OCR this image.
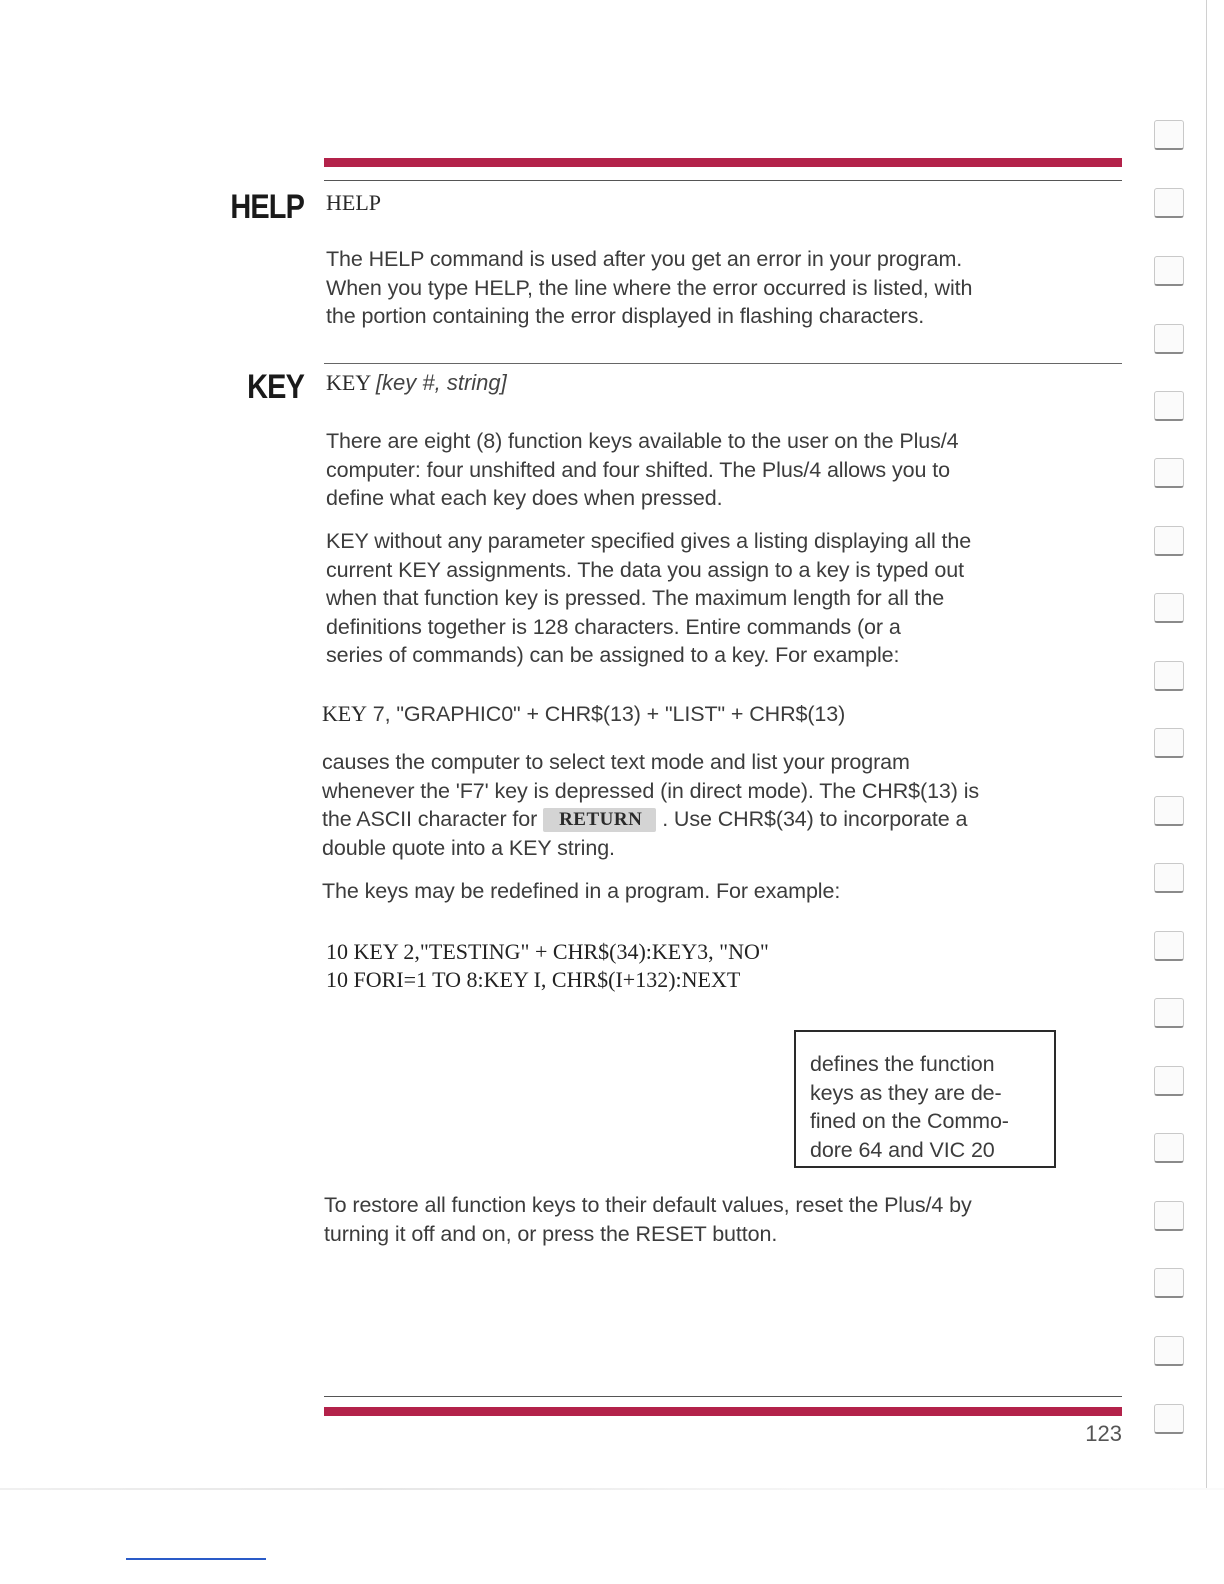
HELP HELP

The HELP command is used after you get an error in your program.
When you type HELP, the line where the error occurred is listed, with
the portion containing the error displayed in flashing characters.

KEY KEY [key #, string]

There are eight (8) function keys available to the user on the Plus/4
computer: four unshifted and four shifted. The Plus/4 allows you to
define what each key does when pressed.

KEY without any parameter specified gives a listing displaying all the
current KEY assignments. The data you assign to a key is typed out
when that function key is pressed. The maximum length for all the
definitions together is 128 characters. Entire commands (or a
series of commands) can be assigned to a key. For example:

KEY 7, "GRAPHIC0" + CHR$(13) + "LIST" + CHR$(13)

causes the computer to select text mode and list your program
whenever the 'F7' key is depressed (in direct mode). The CHR$(13) is
the ASCII character for RETURN . Use CHR$(34) to incorporate a
double quote into a KEY string.

The keys may be redefined in a program. For example:

10 KEY 2,"TESTING" + CHR$(34):KEY3, "NO"
10 FORI=1 TO 8:KEY I, CHR$(I+132):NEXT

defines the function
keys as they are de-
fined on the Commo-
dore 64 and VIC 20

To restore all function keys to their default values, reset the Plus/4 by
turning it off and on, or press the RESET button.

123
